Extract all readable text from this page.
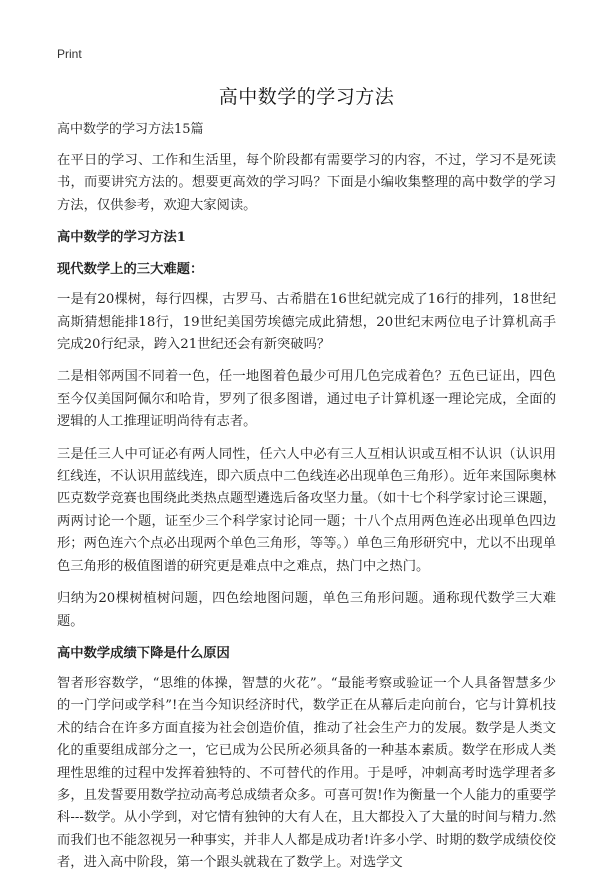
Print
高中数学的学习方法

高中数学的学习方法15篇

在平日的学习、工作和生活里，每个阶段都有需要学习的内容，不过，学习不是死读书，而要讲究方法的。想要更高效的学习吗？下面是小编收集整理的高中数学的学习方法，仅供参考，欢迎大家阅读。

高中数学的学习方法1

现代数学上的三大难题：

一是有20棵树，每行四棵，古罗马、古希腊在16世纪就完成了16行的排列，18世纪高斯猜想能排18行，19世纪美国劳埃德完成此猜想，20世纪末两位电子计算机高手完成20行纪录，跨入21世纪还会有新突破吗？

二是相邻两国不同着一色，任一地图着色最少可用几色完成着色？五色已证出，四色至今仅美国阿佩尔和哈肯，罗列了很多图谱，通过电子计算机逐一理论完成，全面的逻辑的人工推理证明尚待有志者。

三是任三人中可证必有两人同性，任六人中必有三人互相认识或互相不认识（认识用红线连，不认识用蓝线连，即六质点中二色线连必出现单色三角形）。近年来国际奥林匹克数学竞赛也围绕此类热点题型遴选后备攻坚力量。（如十七个科学家讨论三课题，两两讨论一个题，证至少三个科学家讨论同一题；十八个点用两色连必出现单色四边形；两色连六个点必出现两个单色三角形，等等。）单色三角形研究中，尤以不出现单色三角形的极值图谱的研究更是难点中之难点，热门中之热门。

归纳为20棵树植树问题，四色绘地图问题，单色三角形问题。通称现代数学三大难题。

高中数学成绩下降是什么原因

智者形容数学，“思维的体操，智慧的火花”。“最能考察或验证一个人具备智慧多少的一门学问或学科”!在当今知识经济时代，数学正在从幕后走向前台，它与计算机技术的结合在许多方面直接为社会创造价值，推动了社会生产力的发展。数学是人类文化的重要组成部分之一，它已成为公民所必须具备的一种基本素质。数学在形成人类理性思维的过程中发挥着独特的、不可替代的作用。于是呼，冲刺高考时选学理者多多，且发誓要用数学拉动高考总成绩者众多。可喜可贺!作为衡量一个人能力的重要学科---数学。从小学到，对它情有独钟的大有人在，且大都投入了大量的时间与精力.然而我们也不能忽视另一种事实，并非人人都是成功者!许多小学、时期的数学成绩佼佼者，进入高中阶段，第一个跟头就栽在了数学上。对选学文
